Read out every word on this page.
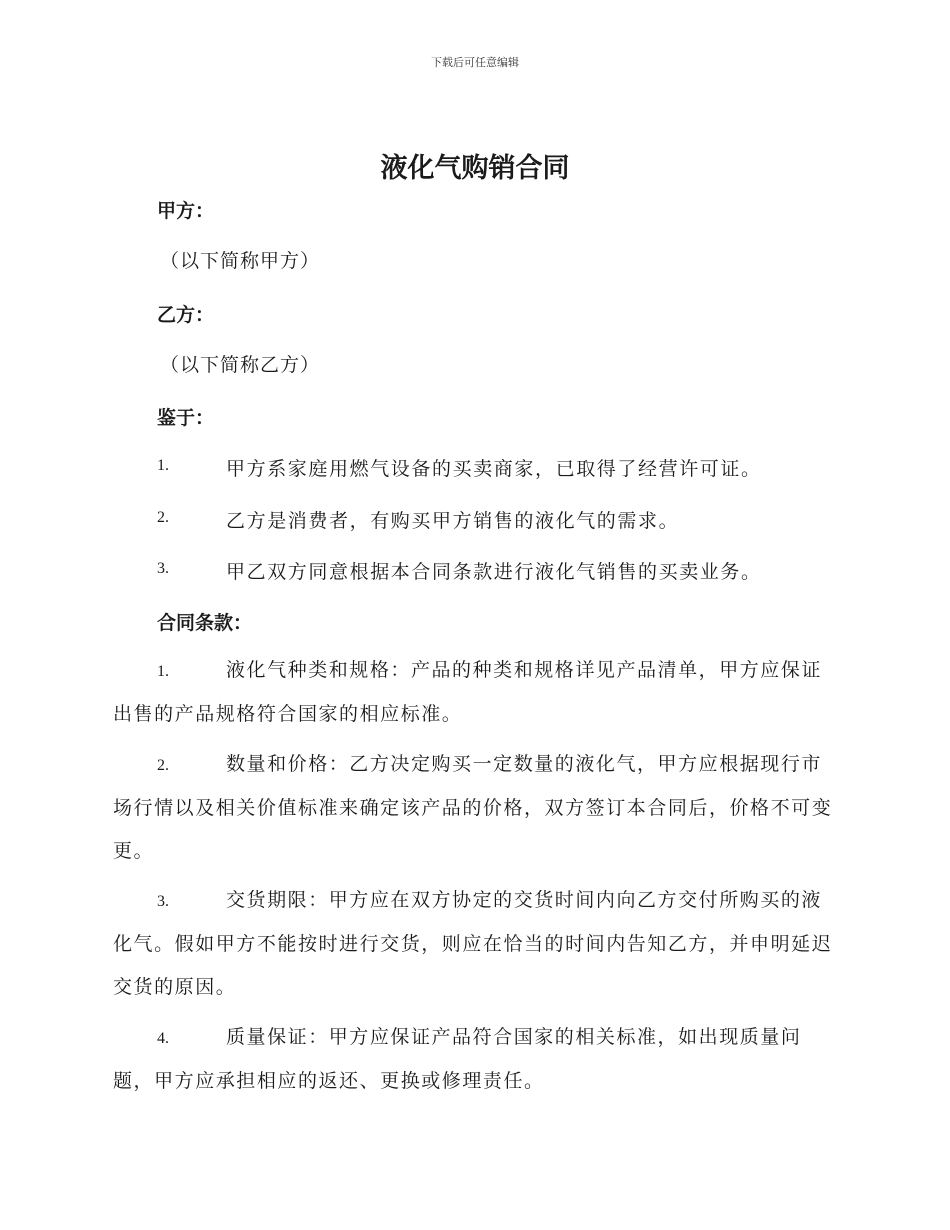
下载后可任意编辑
液化气购销合同
甲方：
（以下简称甲方）
乙方：
（以下简称乙方）
鉴于：
1.	甲方系家庭用燃气设备的买卖商家，已取得了经营许可证。
2.	乙方是消费者，有购买甲方销售的液化气的需求。
3.	甲乙双方同意根据本合同条款进行液化气销售的买卖业务。
合同条款：
1.	液化气种类和规格：产品的种类和规格详见产品清单，甲方应保证出售的产品规格符合国家的相应标准。
2.	数量和价格：乙方决定购买一定数量的液化气，甲方应根据现行市场行情以及相关价值标准来确定该产品的价格，双方签订本合同后，价格不可变更。
3.	交货期限：甲方应在双方协定的交货时间内向乙方交付所购买的液化气。假如甲方不能按时进行交货，则应在恰当的时间内告知乙方，并申明延迟交货的原因。
4.	质量保证：甲方应保证产品符合国家的相关标准，如出现质量问题，甲方应承担相应的返还、更换或修理责任。
